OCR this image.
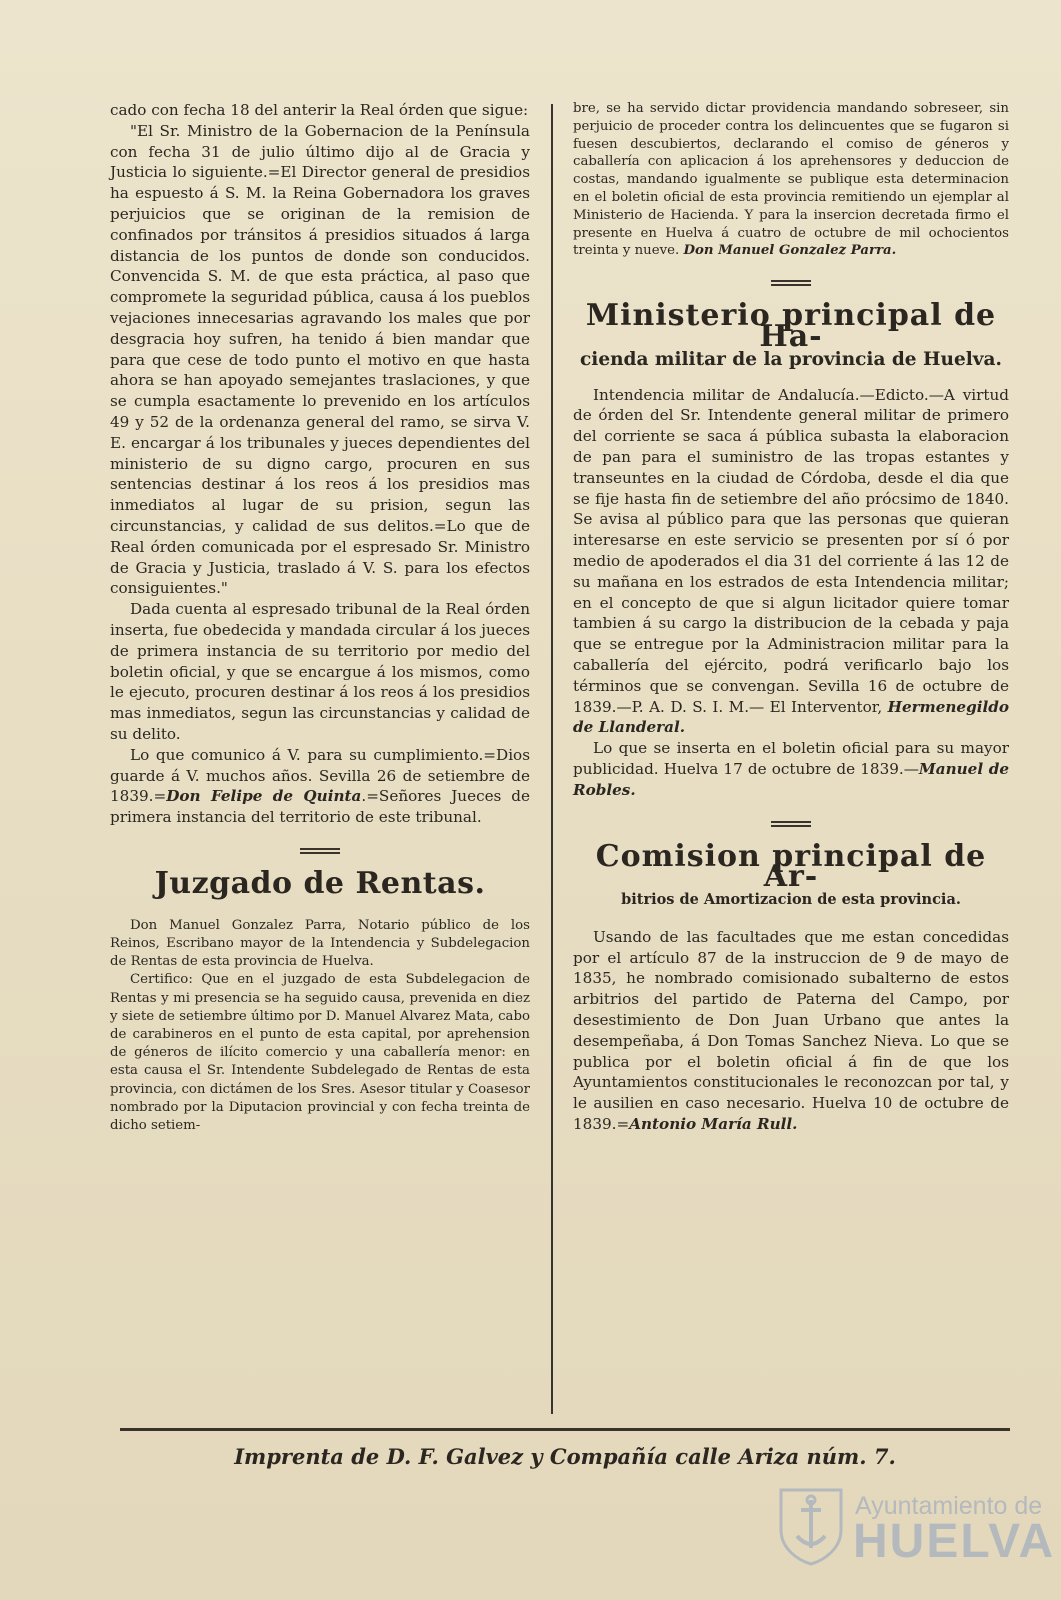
cado con fecha 18 del anterir la Real órden que sigue:

"El Sr. Ministro de la Gobernacion de la Península con fecha 31 de julio último dijo al de Gracia y Justicia lo siguiente.=El Director general de presidios ha espuesto á S. M. la Reina Gobernadora los graves perjuicios que se originan de la remision de confinados por tránsitos á presidios situados á larga distancia de los puntos de donde son conducidos. Convencida S. M. de que esta práctica, al paso que compromete la seguridad pública, causa á los pueblos vejaciones innecesarias agravando los males que por desgracia hoy sufren, ha tenido á bien mandar que para que cese de todo punto el motivo en que hasta ahora se han apoyado semejantes traslaciones, y que se cumpla esactamente lo prevenido en los artículos 49 y 52 de la ordenanza general del ramo, se sirva V. E. encargar á los tribunales y jueces dependientes del ministerio de su digno cargo, procuren en sus sentencias destinar á los reos á los presidios mas inmediatos al lugar de su prision, segun las circunstancias, y calidad de sus delitos.=Lo que de Real órden comunicada por el espresado Sr. Ministro de Gracia y Justicia, traslado á V. S. para los efectos consiguientes."

Dada cuenta al espresado tribunal de la Real órden inserta, fue obedecida y mandada circular á los jueces de primera instancia de su territorio por medio del boletin oficial, y que se encargue á los mismos, como le ejecuto, procuren destinar á los reos á los presidios mas inmediatos, segun las circunstancias y calidad de su delito.

Lo que comunico á V. para su cumplimiento.=Dios guarde á V. muchos años. Sevilla 26 de setiembre de 1839.=Don Felipe de Quinta.=Señores Jueces de primera instancia del territorio de este tribunal.

Juzgado de Rentas.

Don Manuel Gonzalez Parra, Notario público de los Reinos, Escribano mayor de la Intendencia y Subdelegacion de Rentas de esta provincia de Huelva.

Certifico: Que en el juzgado de esta Subdelegacion de Rentas y mi presencia se ha seguido causa, prevenida en diez y siete de setiembre último por D. Manuel Alvarez Mata, cabo de carabineros en el punto de esta capital, por aprehension de géneros de ilícito comercio y una caballería menor: en esta causa el Sr. Intendente Subdelegado de Rentas de esta provincia, con dictámen de los Sres. Asesor titular y Coasesor nombrado por la Diputacion provincial y con fecha treinta de dicho setiem-

bre, se ha servido dictar providencia mandando sobreseer, sin perjuicio de proceder contra los delincuentes que se fugaron si fuesen descubiertos, declarando el comiso de géneros y caballería con aplicacion á los aprehensores y deduccion de costas, mandando igualmente se publique esta determinacion en el boletin oficial de esta provincia remitiendo un ejemplar al Ministerio de Hacienda. Y para la insercion decretada firmo el presente en Huelva á cuatro de octubre de mil ochocientos treinta y nueve. Don Manuel Gonzalez Parra.

Ministerio principal de Ha-
cienda militar de la provincia de Huelva.

Intendencia militar de Andalucía.—Edicto.—A virtud de órden del Sr. Intendente general militar de primero del corriente se saca á pública subasta la elaboracion de pan para el suministro de las tropas estantes y transeuntes en la ciudad de Córdoba, desde el dia que se fije hasta fin de setiembre del año prócsimo de 1840. Se avisa al público para que las personas que quieran interesarse en este servicio se presenten por sí ó por medio de apoderados el dia 31 del corriente á las 12 de su mañana en los estrados de esta Intendencia militar; en el concepto de que si algun licitador quiere tomar tambien á su cargo la distribucion de la cebada y paja que se entregue por la Administracion militar para la caballería del ejército, podrá verificarlo bajo los términos que se convengan. Sevilla 16 de octubre de 1839.—P. A. D. S. I. M.— El Interventor, Hermenegildo de Llanderal.

Lo que se inserta en el boletin oficial para su mayor publicidad. Huelva 17 de octubre de 1839.—Manuel de Robles.

Comision principal de Ar-
bitrios de Amortizacion de esta provincia.

Usando de las facultades que me estan concedidas por el artículo 87 de la instruccion de 9 de mayo de 1835, he nombrado comisionado subalterno de estos arbitrios del partido de Paterna del Campo, por desestimiento de Don Juan Urbano que antes la desempeñaba, á Don Tomas Sanchez Nieva. Lo que se publica por el boletin oficial á fin de que los Ayuntamientos constitucionales le reconozcan por tal, y le ausilien en caso necesario. Huelva 10 de octubre de 1839.=Antonio María Rull.

Imprenta de D. F. Galvez y Compañía calle Ariza núm. 7.
Ayuntamiento de
HUELVA
